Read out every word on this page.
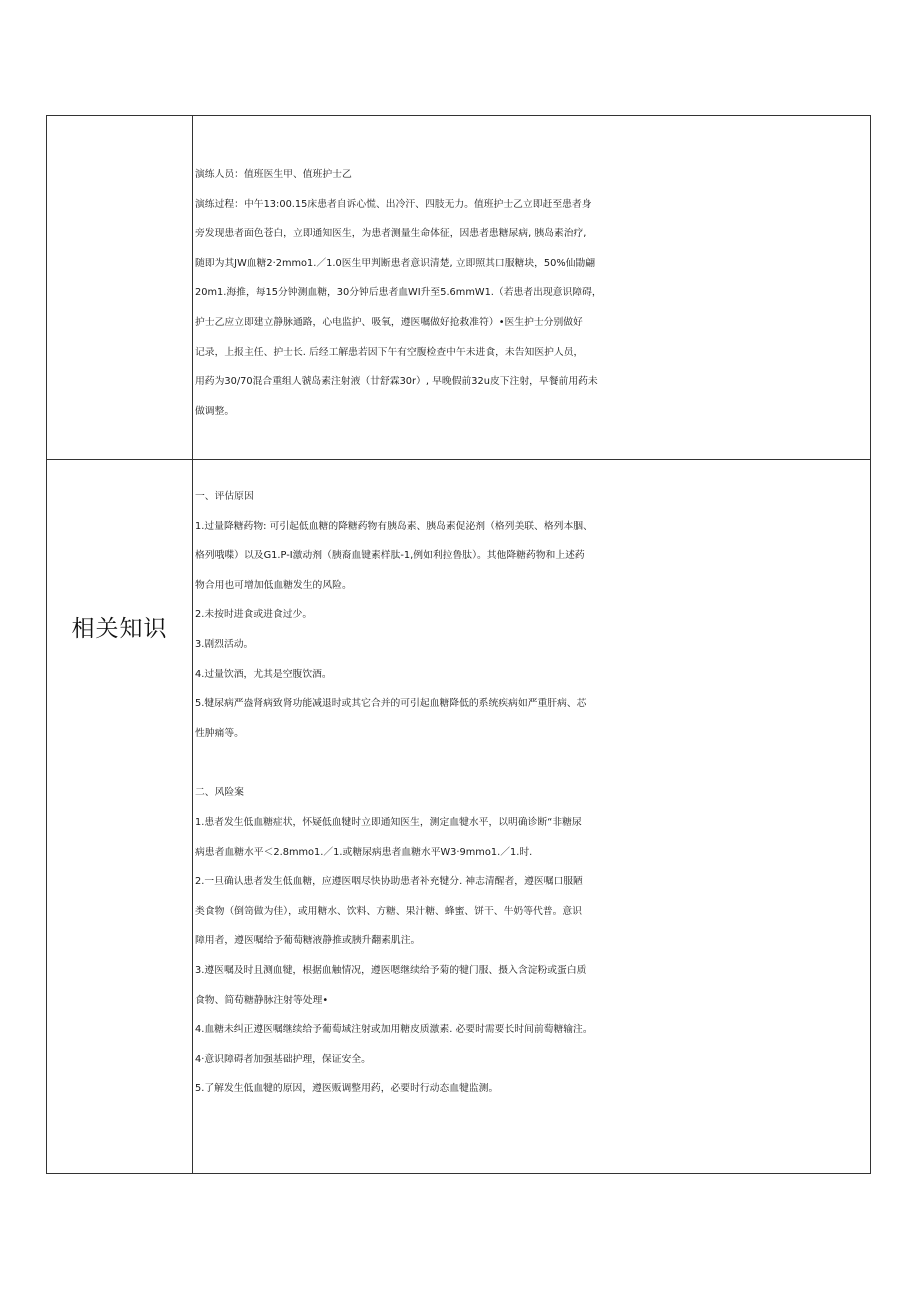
演练人员：值班医生甲、值班护士乙

演练过程：中午13:00.15床患者自诉心慌、出冷汗、四肢无力。值班护士乙立即赶至患者身

旁发现患者面色苍白，立即通知医生，为患者测量生命体征，因患者患糖尿病, 胰岛素治疗,

随即为其JW血糖2·2mmo1.／1.0医生甲判断患者意识清楚, 立即照其口服糖块，50%仙勖翩

20m1.海推，每15分钟测血糖，30分钟后患者血WI升至5.6mmW1.（若患者出现意识障碍，

护士乙应立即建立静脉通路，心电监护、吸氧，遵医嘱做好抢救准符）•医生护士分别做好

记录，上报主任、护士长. 后经工解患若因下午有空腹检查中午未进食，未告知医护人员，

用药为30/70混合重组人虢岛素注射液（廿舒霖30r）, 早晚假前32u皮下注射，早餐前用药未

做调整。

相关知识

一、评估原因

1.过量降糖药物: 可引起低血糖的降糖药物有胰岛素、胰岛素促泌剂（格列美联、格列本胭、

格列哦喋）以及G1.P-I激动剂（胰裔血键素样肽-1,例如利拉鲁肽）。其他降糖药物和上述药

物合用也可增加低血糖发生的风险。

2.未按时进食或进食过少。

3.剧烈活动。

4.过量饮酒，尤其是空腹饮酒。

5.犍尿病严盎肾病致肾功能减退时或其它合并的可引起血糖降低的系统疾病如严重肝病、芯

性肿痛等。

二、风险案

1.患者发生低血糖症状，怀疑低血犍时立即通知医生，测定血犍水平，以明确诊断“非糖尿

病患者血糖水平＜2.8mmo1.／1.或糖尿病患者血糖水平W3·9mmo1.／1.时.

2.一旦确认患者发生低血糖，应遵医咽尽快协助患者补充犍分. 神志清醒者，遵医嘱口服陋

类食物（倒笥做为佳），或用糖水、饮料、方糖、果汁糖、蜂蜜、饼干、牛奶等代普。意识

障用者，遵医嘱给予葡萄糖液静推或胰升翻素肌注。

3.遵医嘱及时且测血犍，根据血触情况，遵医嗯继续给予菊的犍门服、摄入含淀粉或蛋白质

食物、简荀糖静脉注射等处理•

4.血糖未纠正遵医嘱继续给予葡萄域注射或加用糖皮质激素. 必要时需要长时间前萄糖输注。

4·意识障碍者加强基础护理，保证安全。

5.了解发生低血犍的原因，遵医贩调整用药，必要时行动态血犍监测。
